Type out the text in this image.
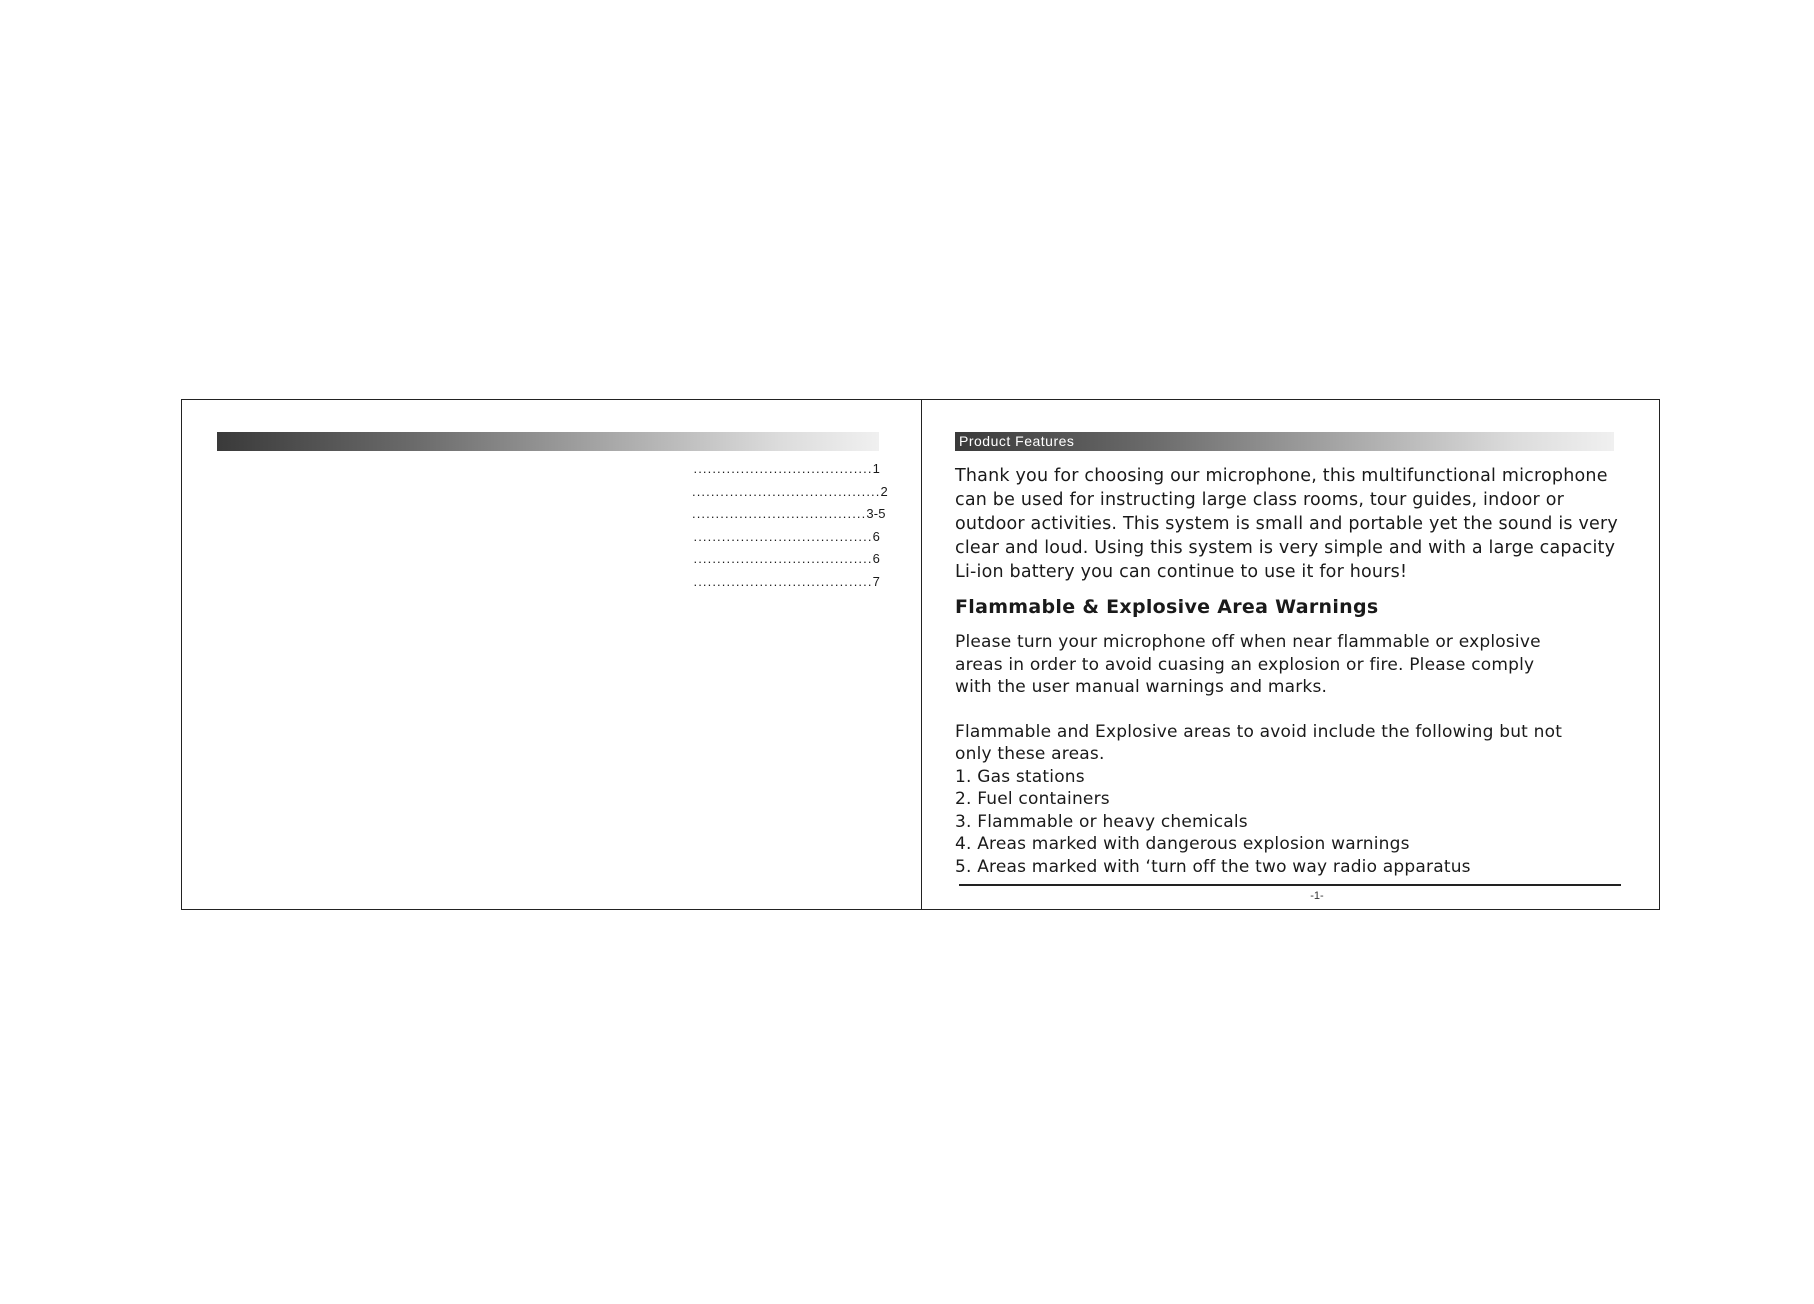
......................................1
........................................2
.....................................3-5
......................................6
......................................6
......................................7
Product Features

Thank you for choosing our microphone, this multifunctional microphone
can be used for instructing large class rooms, tour guides, indoor or
outdoor activities. This system is small and portable yet the sound is very
clear and loud. Using this system is very simple and with a large capacity
Li-ion battery you can continue to use it for hours!

Flammable & Explosive Area Warnings

Please turn your microphone off when near flammable or explosive
areas in order to avoid cuasing an explosion or fire. Please comply
with the user manual warnings and marks.

Flammable and Explosive areas to avoid include the following but not
only these areas.

1. Gas stations
2. Fuel containers
3. Flammable or heavy chemicals
4. Areas marked with dangerous explosion warnings
5. Areas marked with ‘turn off the two way radio apparatus
-1-
